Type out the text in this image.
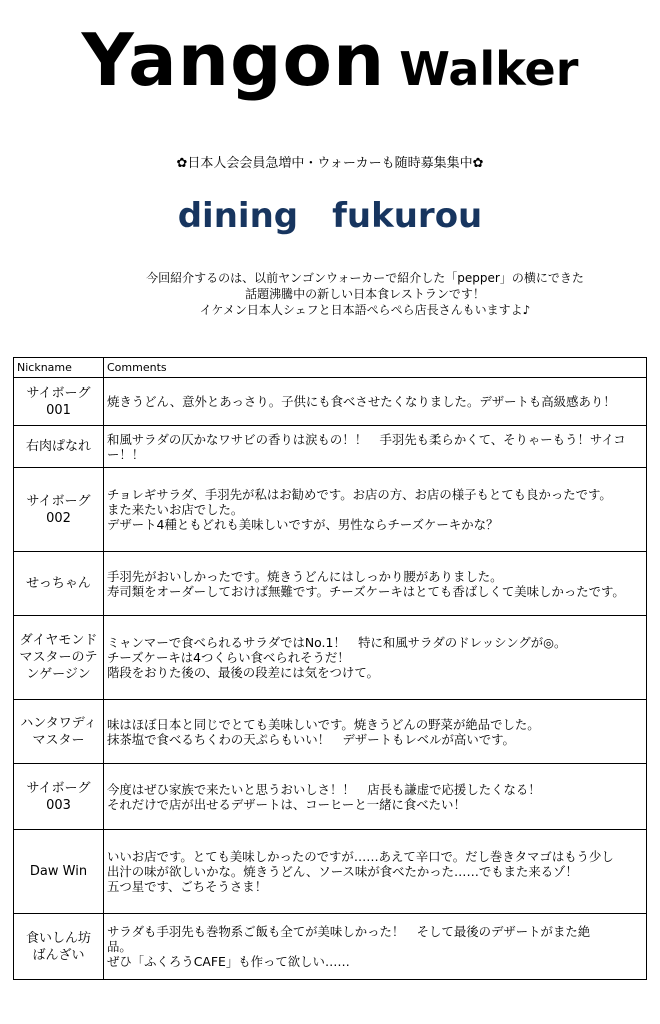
Yangon Walker
✿日本人会会員急増中・ウォーカーも随時募集集中✿
dining　fukurou
今回紹介するのは、以前ヤンゴンウォーカーで紹介した「pepper」の横にできた
話題沸騰中の新しい日本食レストランです！
イケメン日本人シェフと日本語ぺらぺら店長さんもいますよ♪
Nickname	Comments
サイボーグ
001	焼きうどん、意外とあっさり。子供にも食べさせたくなりました。デザートも高級感あり！

右肉ぱなれ	和風サラダの仄かなワサビの香りは涙もの！！　手羽先も柔らかくて、そりゃーもう！サイコー！！

サイボーグ
002	チョレギサラダ、手羽先が私はお勧めです。お店の方、お店の様子もとても良かったです。
また来たいお店でした。
デザート4種ともどれも美味しいですが、男性ならチーズケーキかな？

せっちゃん	手羽先がおいしかったです。焼きうどんにはしっかり腰がありました。
寿司類をオーダーしておけば無難です。チーズケーキはとても香ばしくて美味しかったです。

ダイヤモンド
マスターのテ
ンゲージン	ミャンマーで食べられるサラダではNo.1！　特に和風サラダのドレッシングが◎。
チーズケーキは4つくらい食べられそうだ！
階段をおりた後の、最後の段差には気をつけて。

ハンタワディ
マスター	味はほぼ日本と同じでとても美味しいです。焼きうどんの野菜が絶品でした。
抹茶塩で食べるちくわの天ぷらもいい！　デザートもレベルが高いです。

サイボーグ
003	今度はぜひ家族で来たいと思うおいしさ！！　店長も謙虚で応援したくなる！
それだけで店が出せるデザートは、コーヒーと一緒に食べたい！

Daw Win	いいお店です。とても美味しかったのですが……あえて辛口で。だし巻きタマゴはもう少し
出汁の味が欲しいかな。焼きうどん、ソース味が食べたかった……でもまた来るゾ！
五つ星です、ごちそうさま！

食いしん坊
ばんざい	サラダも手羽先も巻物系ご飯も全てが美味しかった！　そして最後のデザートがまた絶
品。
ぜひ「ふくろうCAFE」も作って欲しい……
